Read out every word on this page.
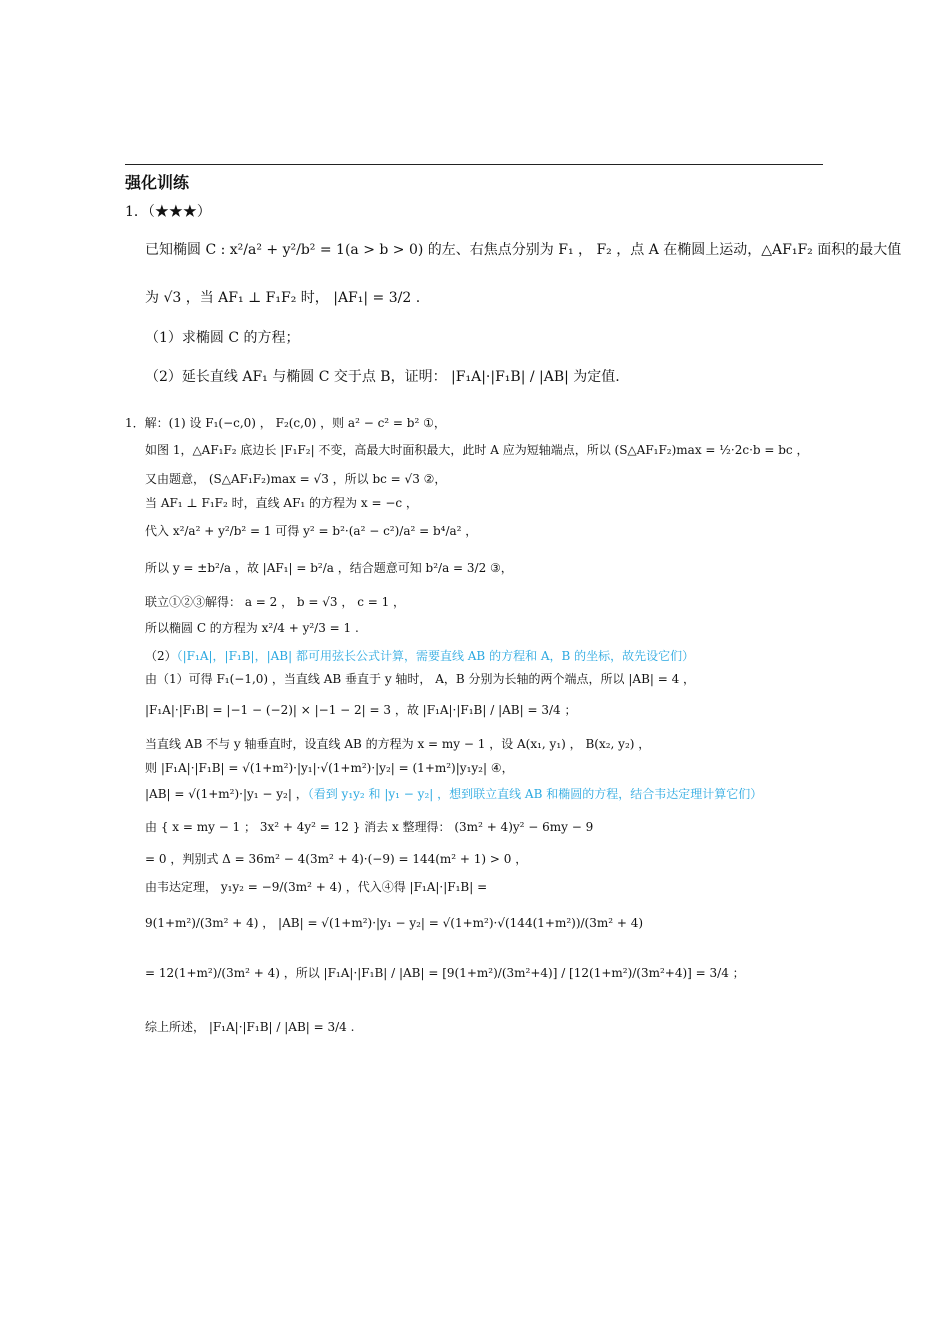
强化训练
1．（★★★）
已知椭圆 C : x²/a² + y²/b² = 1(a > b > 0) 的左、右焦点分别为 F₁ ， F₂ ，点 A 在椭圆上运动，△AF₁F₂ 面积的最大值
为 √3 ，当 AF₁ ⊥ F₁F₂ 时， |AF₁| = 3/2 .
（1）求椭圆 C 的方程；
（2）延长直线 AF₁ 与椭圆 C 交于点 B，证明： |F₁A|·|F₁B| / |AB| 为定值.
1．解：(1) 设 F₁(−c,0) ， F₂(c,0) ，则 a² − c² = b² ①，
如图 1，△AF₁F₂ 底边长 |F₁F₂| 不变，高最大时面积最大，此时 A 应为短轴端点，所以 (S△AF₁F₂)max = ½·2c·b = bc ，
又由题意， (S△AF₁F₂)max = √3 ，所以 bc = √3 ②，
当 AF₁ ⊥ F₁F₂ 时，直线 AF₁ 的方程为 x = −c ，
代入 x²/a² + y²/b² = 1 可得 y² = b²·(a² − c²)/a² = b⁴/a² ，
所以 y = ±b²/a ，故 |AF₁| = b²/a ，结合题意可知 b²/a = 3/2 ③，
联立①②③解得： a = 2 ， b = √3 ， c = 1 ，
所以椭圆 C 的方程为 x²/4 + y²/3 = 1 .
（2）（|F₁A|，|F₁B|，|AB| 都可用弦长公式计算，需要直线 AB 的方程和 A，B 的坐标，故先设它们）
由（1）可得 F₁(−1,0) ，当直线 AB 垂直于 y 轴时， A，B 分别为长轴的两个端点，所以 |AB| = 4 ，
|F₁A|·|F₁B| = |−1 − (−2)| × |−1 − 2| = 3 ，故 |F₁A|·|F₁B| / |AB| = 3/4 ；
当直线 AB 不与 y 轴垂直时，设直线 AB 的方程为 x = my − 1 ，设 A(x₁, y₁) ， B(x₂, y₂) ，
则 |F₁A|·|F₁B| = √(1+m²)·|y₁|·√(1+m²)·|y₂| = (1+m²)|y₁y₂| ④，
|AB| = √(1+m²)·|y₁ − y₂| ，（看到 y₁y₂ 和 |y₁ − y₂| ，想到联立直线 AB 和椭圆的方程，结合韦达定理计算它们）
由 { x = my − 1 ； 3x² + 4y² = 12 } 消去 x 整理得： (3m² + 4)y² − 6my − 9
= 0 ，判别式 Δ = 36m² − 4(3m² + 4)·(−9) = 144(m² + 1) > 0 ，
由韦达定理， y₁y₂ = −9/(3m² + 4) ，代入④得 |F₁A|·|F₁B| =
9(1+m²)/(3m² + 4) ， |AB| = √(1+m²)·|y₁ − y₂| = √(1+m²)·√(144(1+m²))/(3m² + 4)
= 12(1+m²)/(3m² + 4) ，所以 |F₁A|·|F₁B| / |AB| = [9(1+m²)/(3m²+4)] / [12(1+m²)/(3m²+4)] = 3/4 ；
综上所述， |F₁A|·|F₁B| / |AB| = 3/4 .
